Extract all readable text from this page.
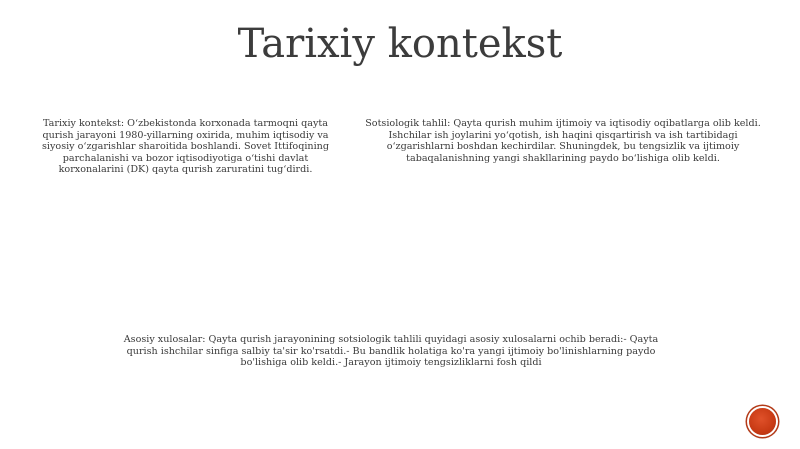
Tarixiy kontekst
Tarixiy kontekst: O‘zbekistonda korxonada tarmoqni qayta qurish jarayoni 1980-yillarning oxirida, muhim iqtisodiy va siyosiy o‘zgarishlar sharoitida boshlandi. Sovet Ittifoqining parchalanishi va bozor iqtisodiyotiga o‘tishi davlat korxonalarini (DK) qayta qurish zaruratini tug‘dirdi.
Sotsiologik tahlil: Qayta qurish muhim ijtimoiy va iqtisodiy oqibatlarga olib keldi. Ishchilar ish joylarini yo‘qotish, ish haqini qisqartirish va ish tartibidagi o‘zgarishlarni boshdan kechirdilar. Shuningdek, bu tengsizlik va ijtimoiy tabaqalanishning yangi shakllarining paydo bo‘lishiga olib keldi.
Asosiy xulosalar: Qayta qurish jarayonining sotsiologik tahlili quyidagi asosiy xulosalarni ochib beradi:- Qayta qurish ishchilar sinfiga salbiy ta'sir ko'rsatdi.- Bu bandlik holatiga ko'ra yangi ijtimoiy bo'linishlarning paydo bo'lishiga olib keldi.- Jarayon ijtimoiy tengsizliklarni fosh qildi
